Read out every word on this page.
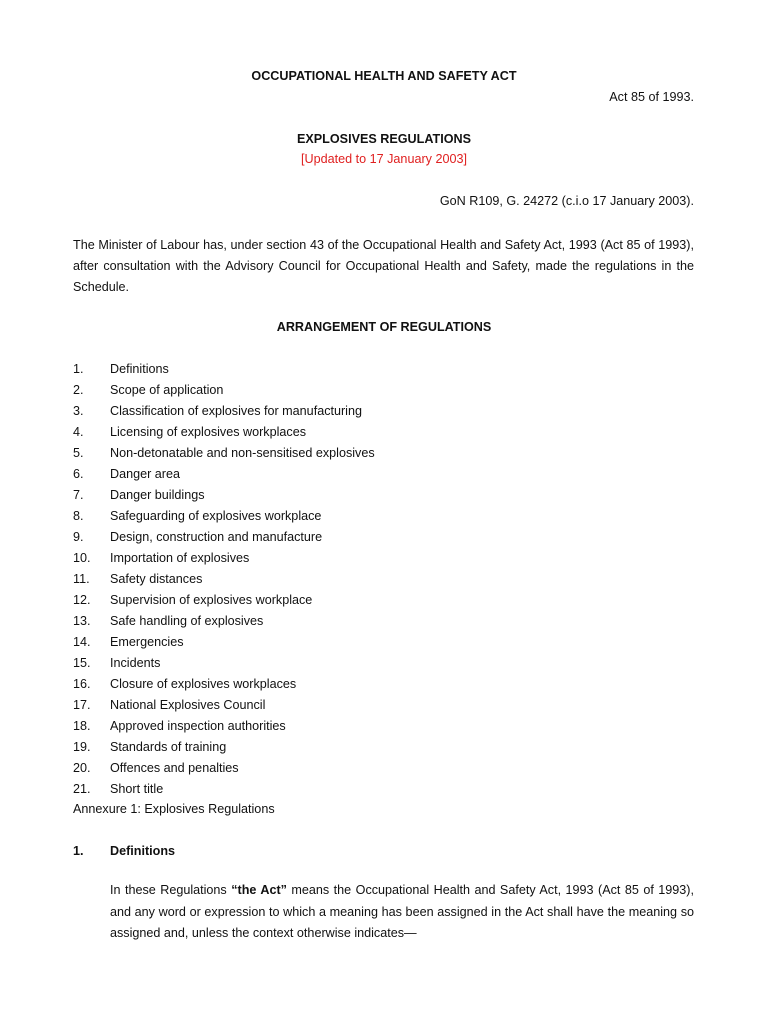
OCCUPATIONAL HEALTH AND SAFETY ACT
Act 85 of 1993.
EXPLOSIVES REGULATIONS
[Updated to 17 January 2003]
GoN R109, G. 24272 (c.i.o 17 January 2003).
The Minister of Labour has, under section 43 of the Occupational Health and Safety Act, 1993 (Act 85 of 1993), after consultation with the Advisory Council for Occupational Health and Safety, made the regulations in the Schedule.
ARRANGEMENT OF REGULATIONS
1. Definitions
2. Scope of application
3. Classification of explosives for manufacturing
4. Licensing of explosives workplaces
5. Non-detonatable and non-sensitised explosives
6. Danger area
7. Danger buildings
8. Safeguarding of explosives workplace
9. Design, construction and manufacture
10. Importation of explosives
11. Safety distances
12. Supervision of explosives workplace
13. Safe handling of explosives
14. Emergencies
15. Incidents
16. Closure of explosives workplaces
17. National Explosives Council
18. Approved inspection authorities
19. Standards of training
20. Offences and penalties
21. Short title
Annexure 1: Explosives Regulations
1. Definitions
In these Regulations “the Act” means the Occupational Health and Safety Act, 1993 (Act 85 of 1993), and any word or expression to which a meaning has been assigned in the Act shall have the meaning so assigned and, unless the context otherwise indicates—
